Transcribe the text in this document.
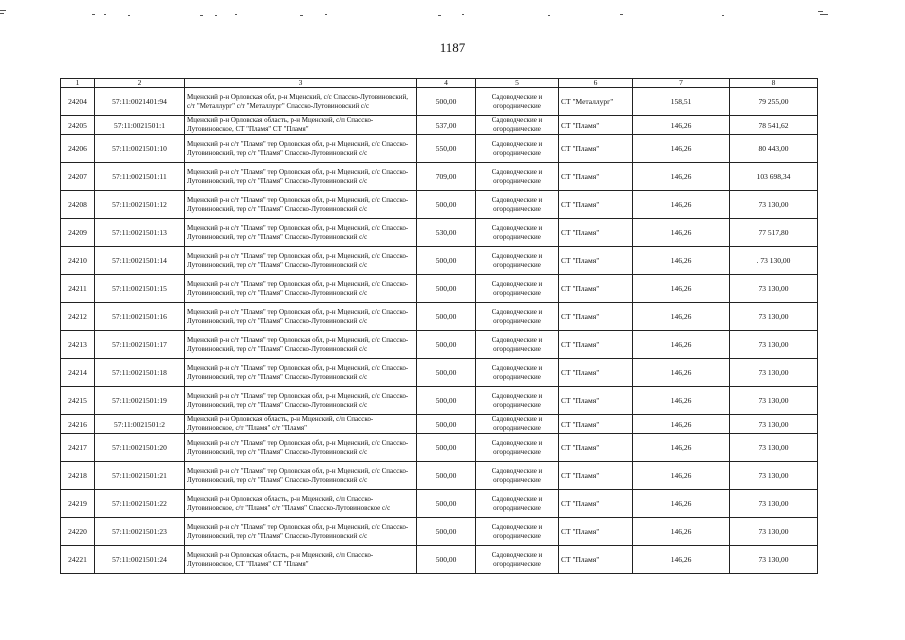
1187
1	2	3	4	5	6	7	8
24204	57:11:0021401:94	Мценский р-н Орловская обл, р-н Мценский, с/с Спасско-Лутовиновский, с/т "Металлург" с/т "Металлург" Спасско-Лутовиновский с/с	500,00	Садоводческие и огороднические	СТ "Металлург"	158,51	79 255,00
24205	57:11:0021501:1	Мценский р-н Орловская область, р-н Мценский, с/п Спасско-Лутовиновское, СТ "Пламя" СТ "Пламя"	537,00	Садоводческие и огороднические	СТ "Пламя"	146,26	78 541,62
24206	57:11:0021501:10	Мценский р-н с/т "Пламя" тер Орловская обл, р-н Мценский, с/с Спасско-Лутовиновский, тер с/т "Пламя" Спасско-Лутовиновский с/с	550,00	Садоводческие и огороднические	СТ "Пламя"	146,26	80 443,00
24207	57:11:0021501:11	Мценский р-н с/т "Пламя" тер Орловская обл, р-н Мценский, с/с Спасско-Лутовиновский, тер с/т "Пламя" Спасско-Лутовиновский с/с	709,00	Садоводческие и огороднические	СТ "Пламя"	146,26	103 698,34
24208	57:11:0021501:12	Мценский р-н с/т "Пламя" тер Орловская обл, р-н Мценский, с/с Спасско-Лутовиновский, тер с/т "Пламя" Спасско-Лутовиновский с/с	500,00	Садоводческие и огороднические	СТ "Пламя"	146,26	73 130,00
24209	57:11:0021501:13	Мценский р-н с/т "Пламя" тер Орловская обл, р-н Мценский, с/с Спасско-Лутовиновский, тер с/т "Пламя" Спасско-Лутовиновский с/с	530,00	Садоводческие и огороднические	СТ "Пламя"	146,26	77 517,80
24210	57:11:0021501:14	Мценский р-н с/т "Пламя" тер Орловская обл, р-н Мценский, с/с Спасско-Лутовиновский, тер с/т "Пламя" Спасско-Лутовиновский с/с	500,00	Садоводческие и огороднические	СТ "Пламя"	146,26	. 73 130,00
24211	57:11:0021501:15	Мценский р-н с/т "Пламя" тер Орловская обл, р-н Мценский, с/с Спасско-Лутовиновский, тер с/т "Пламя" Спасско-Лутовиновский с/с	500,00	Садоводческие и огороднические	СТ "Пламя"	146,26	73 130,00
24212	57:11:0021501:16	Мценский р-н с/т "Пламя" тер Орловская обл, р-н Мценский, с/с Спасско-Лутовиновский, тер с/т "Пламя" Спасско-Лутовиновский с/с	500,00	Садоводческие и огороднические	СТ "Пламя"	146,26	73 130,00
24213	57:11:0021501:17	Мценский р-н с/т "Пламя" тер Орловская обл, р-н Мценский, с/с Спасско-Лутовиновский, тер с/т "Пламя" Спасско-Лутовиновский с/с	500,00	Садоводческие и огороднические	СТ "Пламя"	146,26	73 130,00
24214	57:11:0021501:18	Мценский р-н с/т "Пламя" тер Орловская обл, р-н Мценский, с/с Спасско-Лутовиновский, тер с/т "Пламя" Спасско-Лутовиновский с/с	500,00	Садоводческие и огороднические	СТ "Пламя"	146,26	73 130,00
24215	57:11:0021501:19	Мценский р-н с/т "Пламя" тер Орловская обл, р-н Мценский, с/с Спасско-Лутовиновский, тер с/т "Пламя" Спасско-Лутовиновский с/с	500,00	Садоводческие и огороднические	СТ "Пламя"	146,26	73 130,00
24216	57:11:0021501:2	Мценский р-н Орловская область, р-н Мценский, с/п Спасско-Лутовиновское, с/т "Пламя" с/т "Пламя"	500,00	Садоводческие и огороднические	СТ "Пламя"	146,26	73 130,00
24217	57:11:0021501:20	Мценский р-н с/т "Пламя" тер Орловская обл, р-н Мценский, с/с Спасско-Лутовиновский, тер с/т "Пламя" Спасско-Лутовиновский с/с	500,00	Садоводческие и огороднические	СТ "Пламя"	146,26	73 130,00
24218	57:11:0021501:21	Мценский р-н с/т "Пламя" тер Орловская обл, р-н Мценский, с/с Спасско-Лутовиновский, тер с/т "Пламя" Спасско-Лутовиновский с/с	500,00	Садоводческие и огороднические	СТ "Пламя"	146,26	73 130,00
24219	57:11:0021501:22	Мценский р-н Орловская область, р-н Мценский, с/п Спасско-Лутовиновское, с/т "Пламя" с/т "Пламя" Спасско-Лутовиновское с/с	500,00	Садоводческие и огороднические	СТ "Пламя"	146,26	73 130,00
24220	57:11:0021501:23	Мценский р-н с/т "Пламя" тер Орловская обл, р-н Мценский, с/с Спасско-Лутовиновский, тер с/т "Пламя" Спасско-Лутовиновский с/с	500,00	Садоводческие и огороднические	СТ "Пламя"	146,26	73 130,00
24221	57:11:0021501:24	Мценский р-н Орловская область, р-н Мценский, с/п Спасско-Лутовиновское, СТ "Пламя" СТ "Пламя"	500,00	Садоводческие и огороднические	СТ "Пламя"	146,26	73 130,00
